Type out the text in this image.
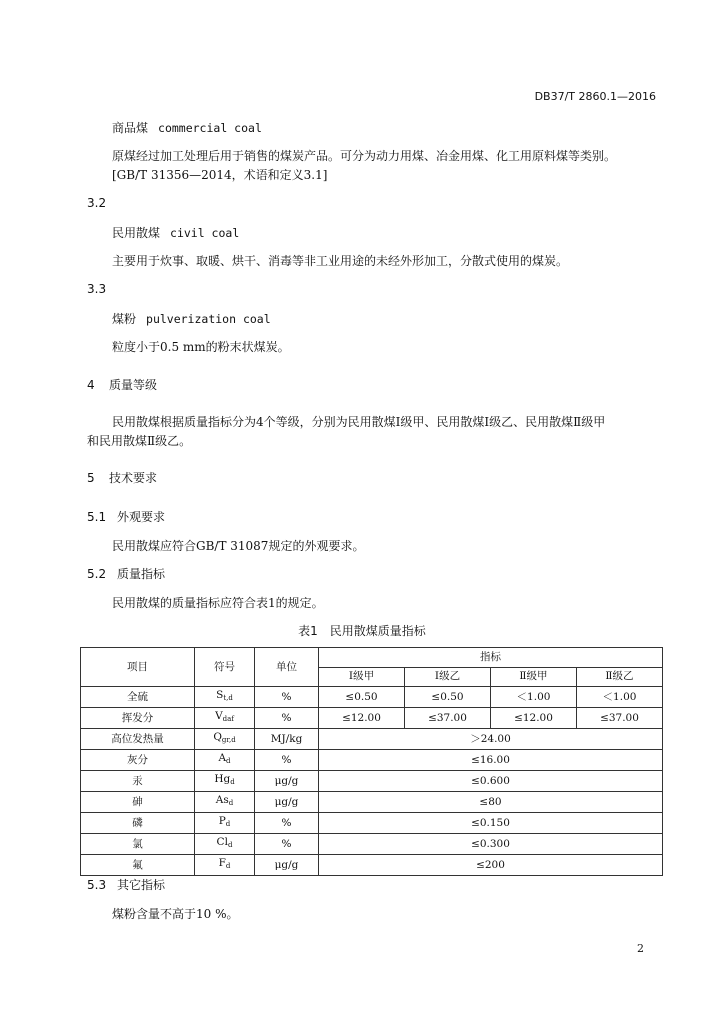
DB37/T 2860.1—2016
商品煤 commercial coal
原煤经过加工处理后用于销售的煤炭产品。可分为动力用煤、冶金用煤、化工用原料煤等类别。
[GB/T 31356—2014，术语和定义3.1]
3.2
民用散煤 civil coal
主要用于炊事、取暖、烘干、消毒等非工业用途的未经外形加工，分散式使用的煤炭。
3.3
煤粉 pulverization coal
粒度小于0.5 mm的粉末状煤炭。
4 质量等级
民用散煤根据质量指标分为4个等级，分别为民用散煤Ⅰ级甲、民用散煤Ⅰ级乙、民用散煤Ⅱ级甲
和民用散煤Ⅱ级乙。
5 技术要求
5.1 外观要求
民用散煤应符合GB/T 31087规定的外观要求。
5.2 质量指标
民用散煤的质量指标应符合表1的规定。
表1　民用散煤质量指标
项目	符号	单位	指标			
			Ⅰ级甲	Ⅰ级乙	Ⅱ级甲	Ⅱ级乙
全硫	$S_{t,d}$	%	≤0.50	≤0.50	＜1.00	＜1.00
挥发分	$V_{daf}$	%	≤12.00	≤37.00	≤12.00	≤37.00
高位发热量	$Q_{gr,d}$	MJ/kg	＞24.00			
灰分	$A_d$	%	≤16.00			
汞	$Hg_d$	μg/g	≤0.600			
砷	$As_d$	μg/g	≤80			
磷	$P_d$	%	≤0.150			
氯	$Cl_d$	%	≤0.300			
氟	$F_d$	μg/g	≤200			
5.3 其它指标
煤粉含量不高于10 %。
2
